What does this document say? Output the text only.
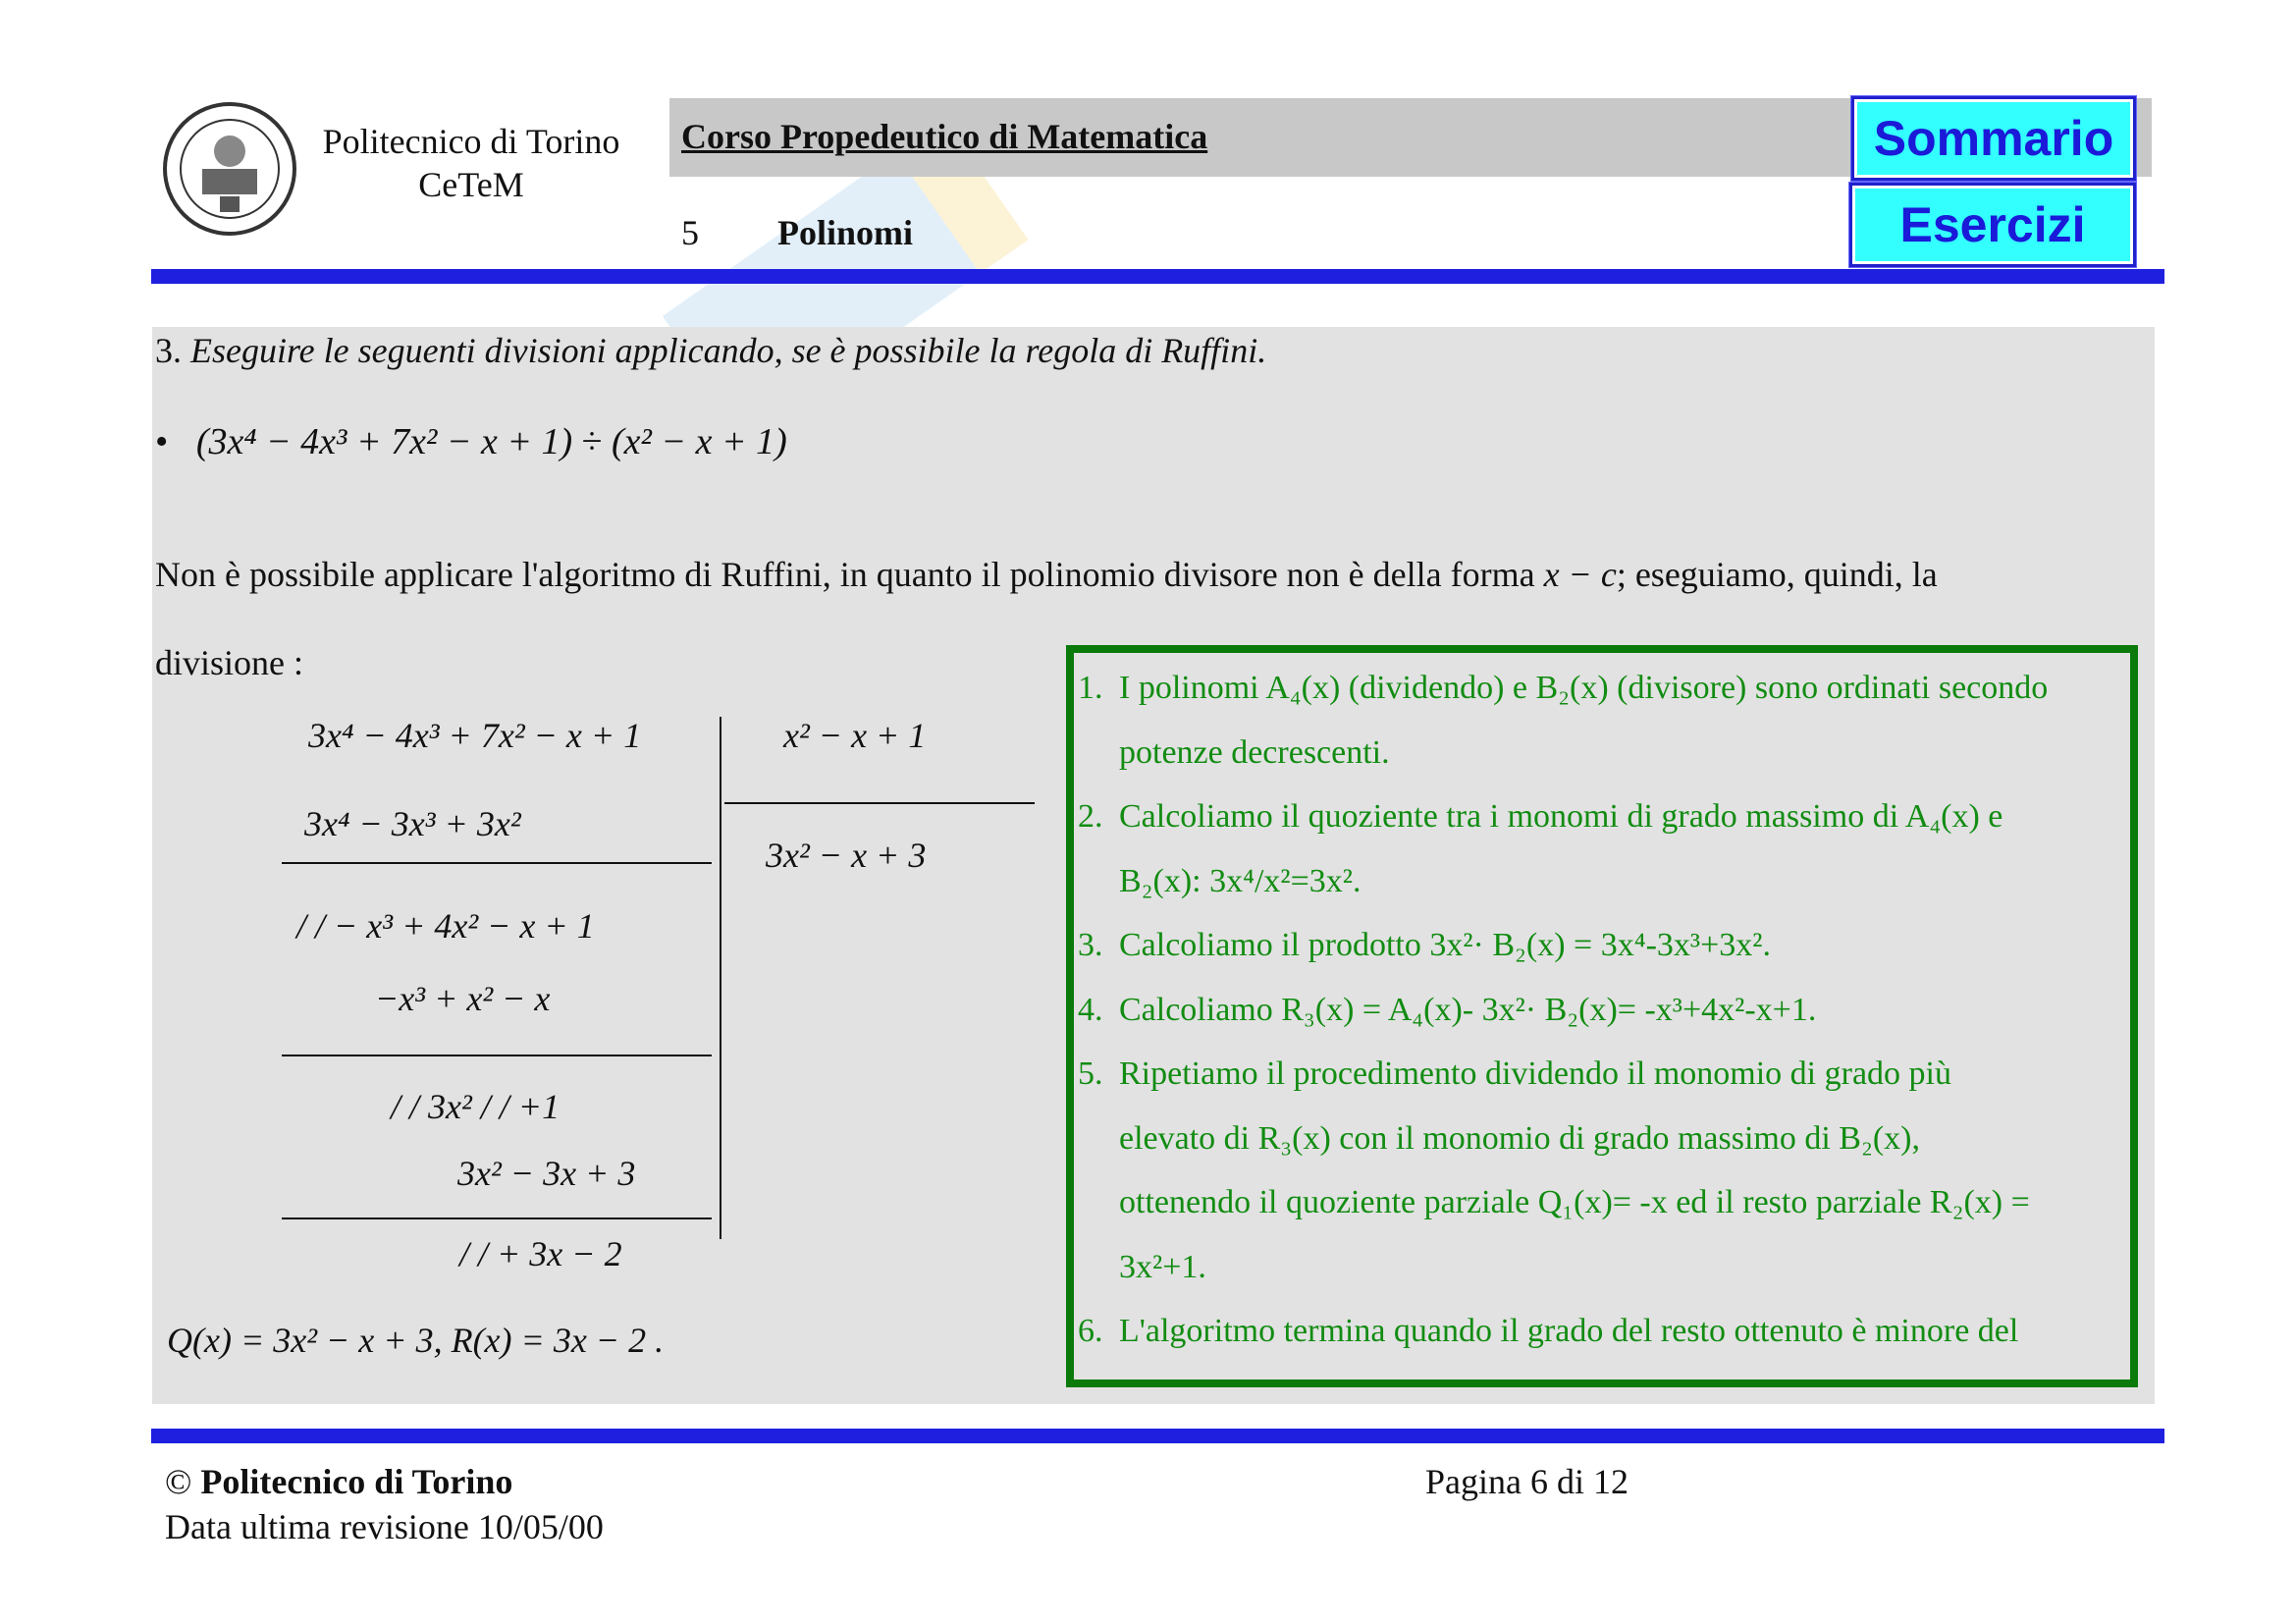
Politecnico di Torino
CeTeM
Corso Propedeutico di Matematica
5 Polinomi
Sommario
Esercizi
3. Eseguire le seguenti divisioni applicando, se è possibile la regola di Ruffini.
• (3x⁴ − 4x³ + 7x² − x + 1) ÷ (x² − x + 1)
Non è possibile applicare l'algoritmo di Ruffini, in quanto il polinomio divisore non è della forma x − c; eseguiamo, quindi, la
divisione :
3x⁴ − 4x³ + 7x² − x + 1	x² − x + 1
3x² − x + 3
3x⁴ − 3x³ + 3x²
/ / − x³ + 4x² − x + 1
−x³ + x² − x
/ / 3x² / / +1
3x² − 3x + 3
/ / + 3x − 2
Q(x) = 3x² − x + 3, R(x) = 3x − 2 .
1. I polinomi A₄(x) (dividendo) e B₂(x) (divisore) sono ordinati secondo
potenze decrescenti.
2. Calcoliamo il quoziente tra i monomi di grado massimo di A₄(x) e
B₂(x): 3x⁴/x²=3x².
3. Calcoliamo il prodotto 3x²· B₂(x) = 3x⁴-3x³+3x².
4. Calcoliamo R₃(x) = A₄(x)- 3x²· B₂(x)= -x³+4x²-x+1.
5. Ripetiamo il procedimento dividendo il monomio di grado più
elevato di R₃(x) con il monomio di grado massimo di B₂(x),
ottenendo il quoziente parziale Q₁(x)= -x ed il resto parziale R₂(x) =
3x²+1.
6. L'algoritmo termina quando il grado del resto ottenuto è minore del
© Politecnico di Torino
Data ultima revisione 10/05/00
Pagina 6 di 12
